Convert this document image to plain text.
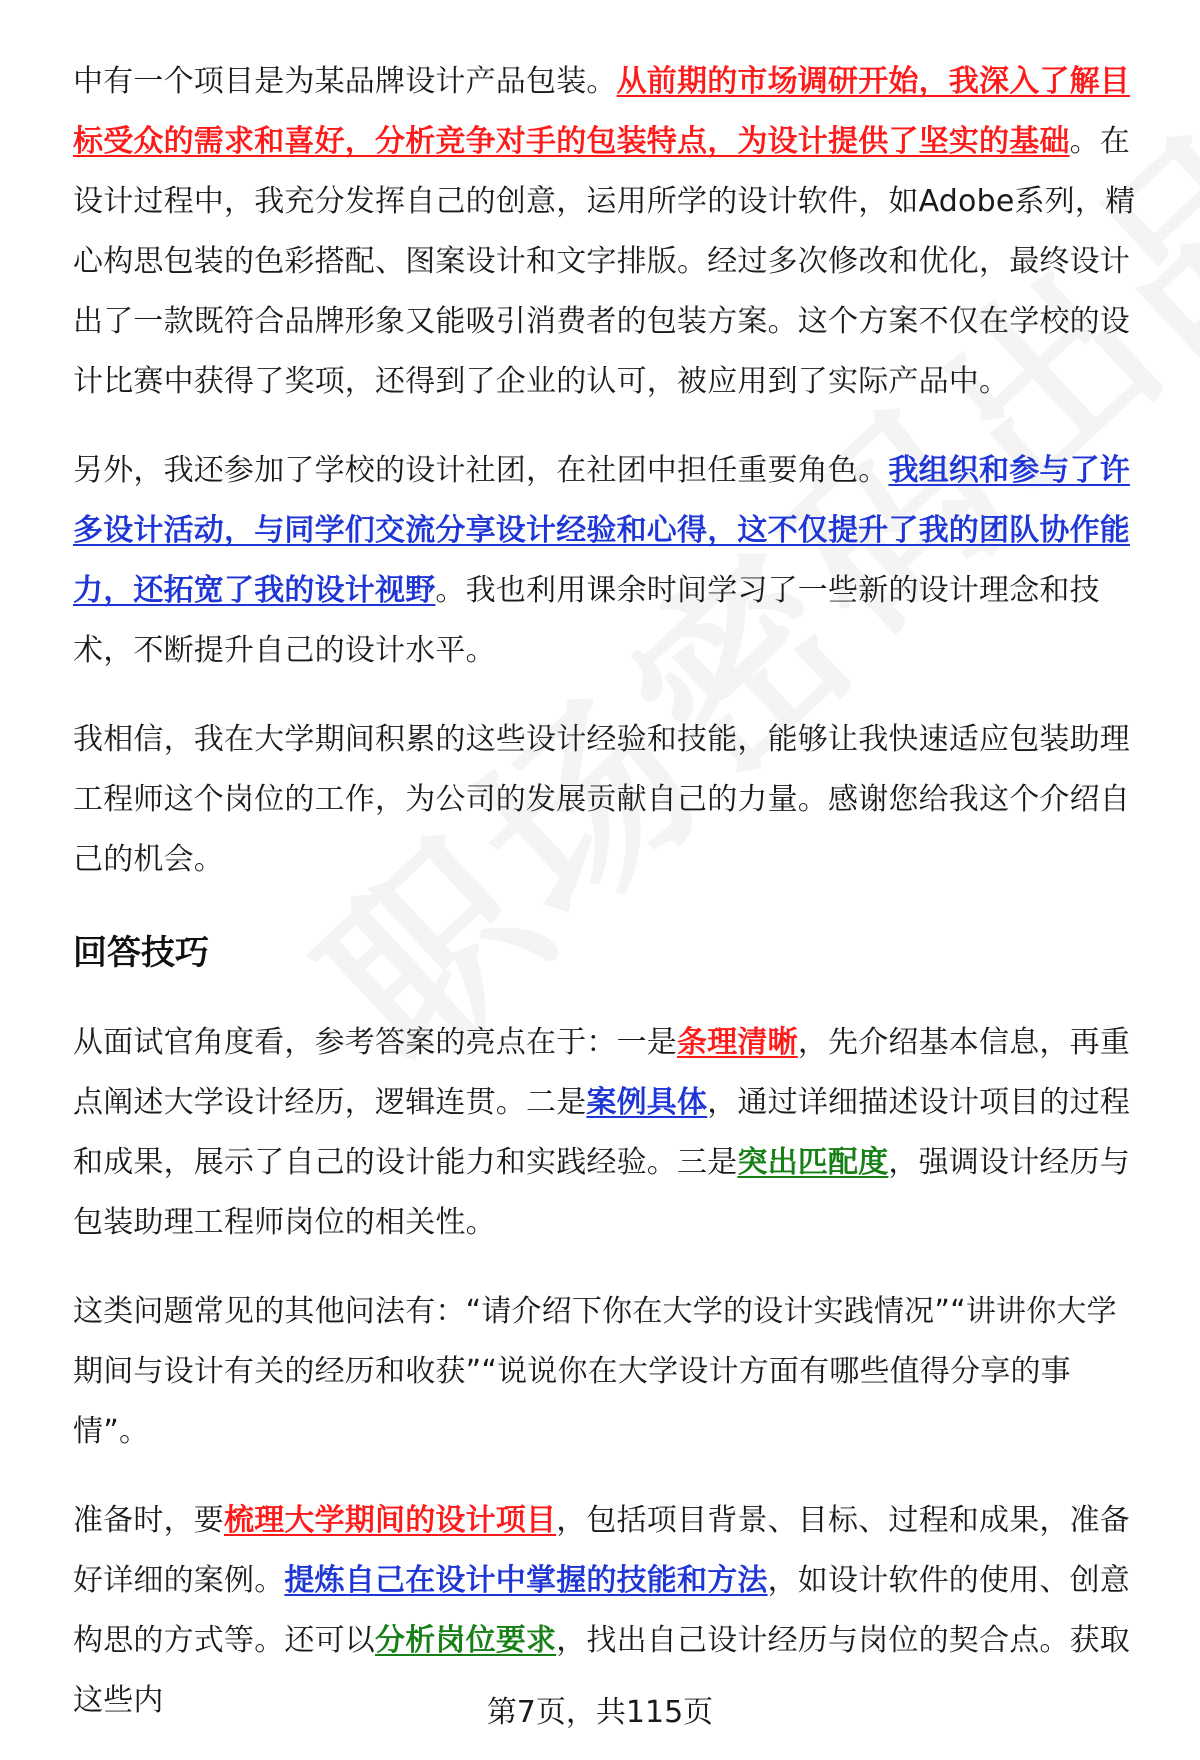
中有一个项目是为某品牌设计产品包装。从前期的市场调研开始，我深入了解目标受众的需求和喜好，分析竞争对手的包装特点，为设计提供了坚实的基础。在设计过程中，我充分发挥自己的创意，运用所学的设计软件，如Adobe系列，精心构思包装的色彩搭配、图案设计和文字排版。经过多次修改和优化，最终设计出了一款既符合品牌形象又能吸引消费者的包装方案。这个方案不仅在学校的设计比赛中获得了奖项，还得到了企业的认可，被应用到了实际产品中。

另外，我还参加了学校的设计社团，在社团中担任重要角色。我组织和参与了许多设计活动，与同学们交流分享设计经验和心得，这不仅提升了我的团队协作能力，还拓宽了我的设计视野。我也利用课余时间学习了一些新的设计理念和技术，不断提升自己的设计水平。

我相信，我在大学期间积累的这些设计经验和技能，能够让我快速适应包装助理工程师这个岗位的工作，为公司的发展贡献自己的力量。感谢您给我这个介绍自己的机会。

回答技巧

从面试官角度看，参考答案的亮点在于：一是条理清晰，先介绍基本信息，再重点阐述大学设计经历，逻辑连贯。二是案例具体，通过详细描述设计项目的过程和成果，展示了自己的设计能力和实践经验。三是突出匹配度，强调设计经历与包装助理工程师岗位的相关性。

这类问题常见的其他问法有：“请介绍下你在大学的设计实践情况”“讲讲你大学期间与设计有关的经历和收获”“说说你在大学设计方面有哪些值得分享的事情”。

准备时，要梳理大学期间的设计项目，包括项目背景、目标、过程和成果，准备好详细的案例。提炼自己在设计中掌握的技能和方法，如设计软件的使用、创意构思的方式等。还可以分析岗位要求，找出自己设计经历与岗位的契合点。获取这些内	第7页，共115页
